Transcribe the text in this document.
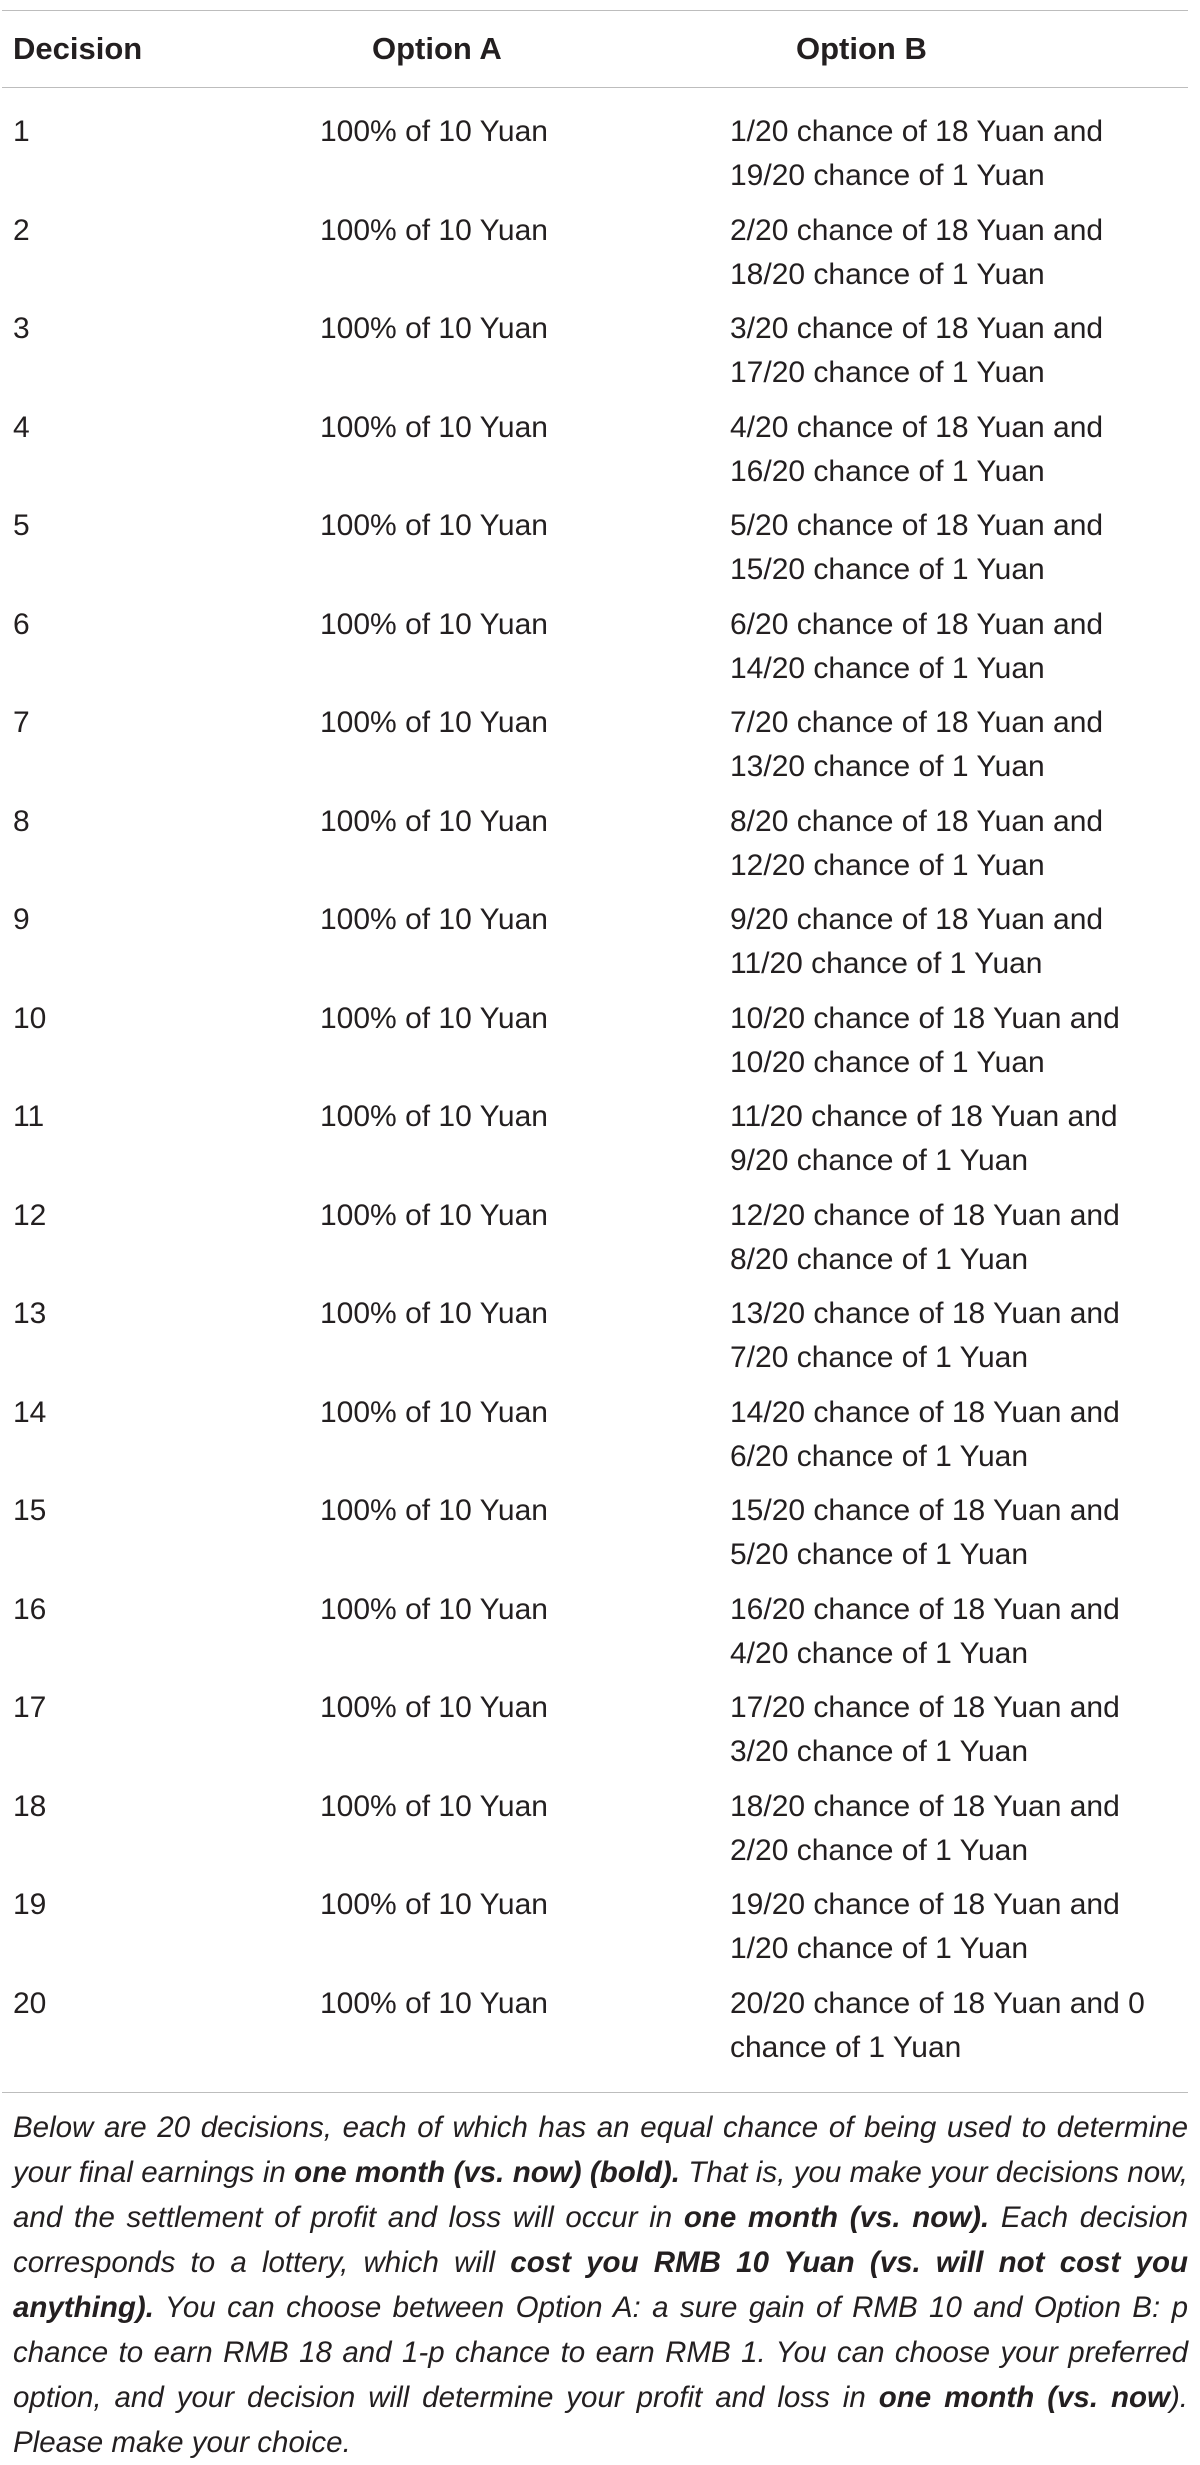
Decision	Option A	Option B
1	100% of 10 Yuan	1/20 chance of 18 Yuan and
19/20 chance of 1 Yuan
2	100% of 10 Yuan	2/20 chance of 18 Yuan and
18/20 chance of 1 Yuan
3	100% of 10 Yuan	3/20 chance of 18 Yuan and
17/20 chance of 1 Yuan
4	100% of 10 Yuan	4/20 chance of 18 Yuan and
16/20 chance of 1 Yuan
5	100% of 10 Yuan	5/20 chance of 18 Yuan and
15/20 chance of 1 Yuan
6	100% of 10 Yuan	6/20 chance of 18 Yuan and
14/20 chance of 1 Yuan
7	100% of 10 Yuan	7/20 chance of 18 Yuan and
13/20 chance of 1 Yuan
8	100% of 10 Yuan	8/20 chance of 18 Yuan and
12/20 chance of 1 Yuan
9	100% of 10 Yuan	9/20 chance of 18 Yuan and
11/20 chance of 1 Yuan
10	100% of 10 Yuan	10/20 chance of 18 Yuan and
10/20 chance of 1 Yuan
11	100% of 10 Yuan	11/20 chance of 18 Yuan and
9/20 chance of 1 Yuan
12	100% of 10 Yuan	12/20 chance of 18 Yuan and
8/20 chance of 1 Yuan
13	100% of 10 Yuan	13/20 chance of 18 Yuan and
7/20 chance of 1 Yuan
14	100% of 10 Yuan	14/20 chance of 18 Yuan and
6/20 chance of 1 Yuan
15	100% of 10 Yuan	15/20 chance of 18 Yuan and
5/20 chance of 1 Yuan
16	100% of 10 Yuan	16/20 chance of 18 Yuan and
4/20 chance of 1 Yuan
17	100% of 10 Yuan	17/20 chance of 18 Yuan and
3/20 chance of 1 Yuan
18	100% of 10 Yuan	18/20 chance of 18 Yuan and
2/20 chance of 1 Yuan
19	100% of 10 Yuan	19/20 chance of 18 Yuan and
1/20 chance of 1 Yuan
20	100% of 10 Yuan	20/20 chance of 18 Yuan and 0
chance of 1 Yuan
Below are 20 decisions, each of which has an equal chance of being used to determine your final earnings in one month (vs. now) (bold). That is, you make your decisions now, and the settlement of profit and loss will occur in one month (vs. now). Each decision corresponds to a lottery, which will cost you RMB 10 Yuan (vs. will not cost you anything). You can choose between Option A: a sure gain of RMB 10 and Option B: p chance to earn RMB 18 and 1-p chance to earn RMB 1. You can choose your preferred option, and your decision will determine your profit and loss in one month (vs. now). Please make your choice.
